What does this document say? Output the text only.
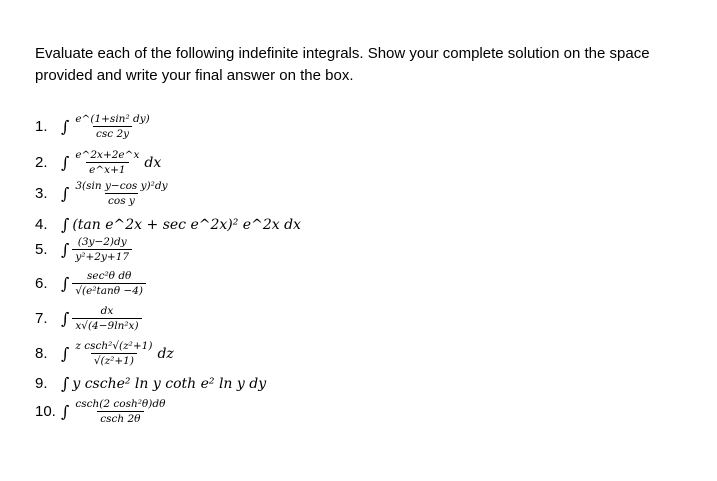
Evaluate each of the following indefinite integrals. Show your complete solution on the space provided and write your final answer on the box.

1. ∫ $\frac{\text{e\textasciicircum{}(1+sin² dy)}}{\csc 2y}$
2. ∫ $\frac{e\^{}2x+2e\^{}x}{e\^{}x+1}$ dx
3. ∫ $\frac{\text{3(sin y−cos y)²dy}}{\text{cos y}}$
4. ∫ (tan e^2x + sec e^2x)² e^2x dx
5. ∫ $\frac{(3y-2)dy}{\text{y²+2y+17}}$
6. ∫ $\frac{\text{sec²θ dθ}}{\text{√(e²tanθ −4)}}$
7. ∫ $\frac{dx}{\text{x√(4−9ln²x)}}$
8. ∫ $\frac{\text{z csch²√(z²+1)}}{\text{√(z²+1)}}$ dz
9. ∫ y csche² ln y coth e² ln y dy
10. ∫ $\frac{\text{csch(2 cosh²θ)dθ}}{\csc h 2\theta}$
